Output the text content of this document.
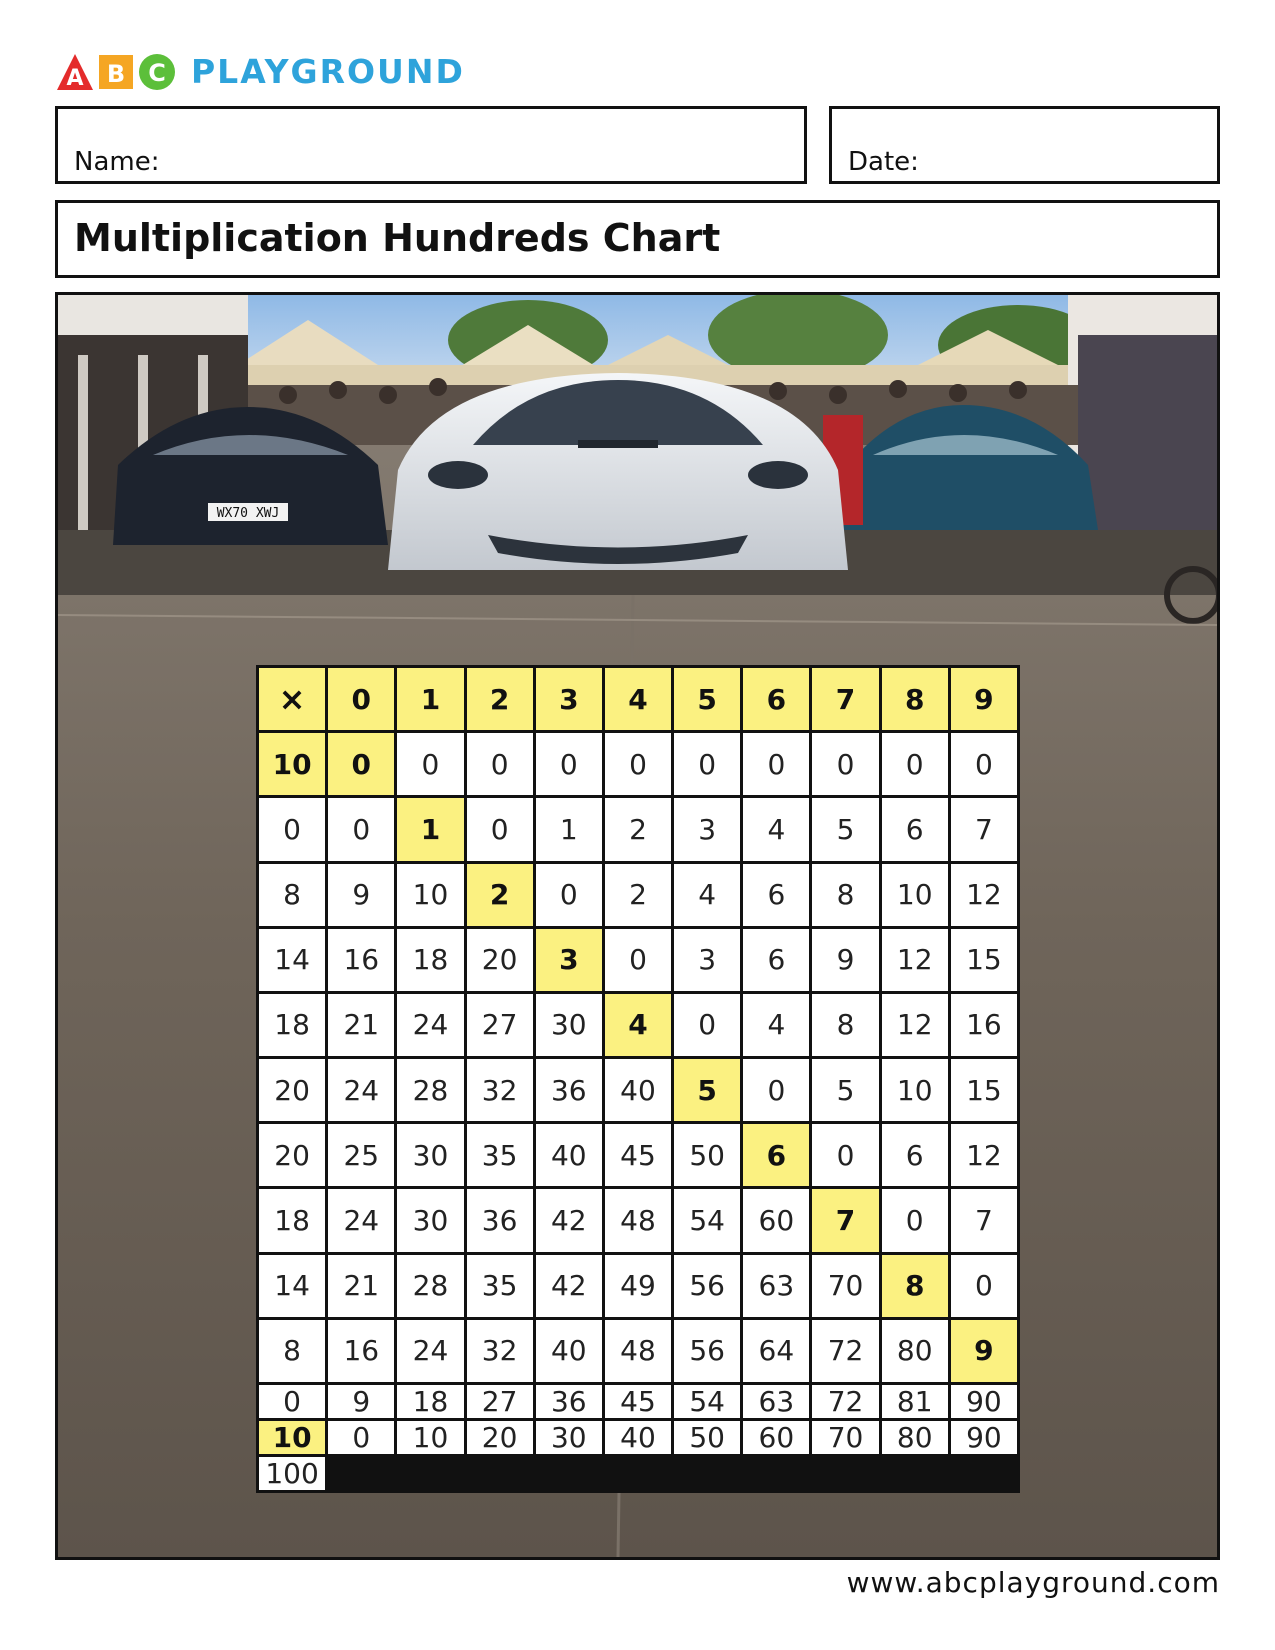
A B C PLAYGROUND
Name:	Date:
Multiplication Hundreds Chart
WX70 XWJ
×	0	1	2	3	4	5	6	7	8	9
10	0	0	0	0	0	0	0	0	0	0
0	0	1	0	1	2	3	4	5	6	7
8	9	10	2	0	2	4	6	8	10	12
14	16	18	20	3	0	3	6	9	12	15
18	21	24	27	30	4	0	4	8	12	16
20	24	28	32	36	40	5	0	5	10	15
20	25	30	35	40	45	50	6	0	6	12
18	24	30	36	42	48	54	60	7	0	7
14	21	28	35	42	49	56	63	70	8	0
8	16	24	32	40	48	56	64	72	80	9
0	9	18	27	36	45	54	63	72	81	90
10	0	10	20	30	40	50	60	70	80	90
100
www.abcplayground.com
